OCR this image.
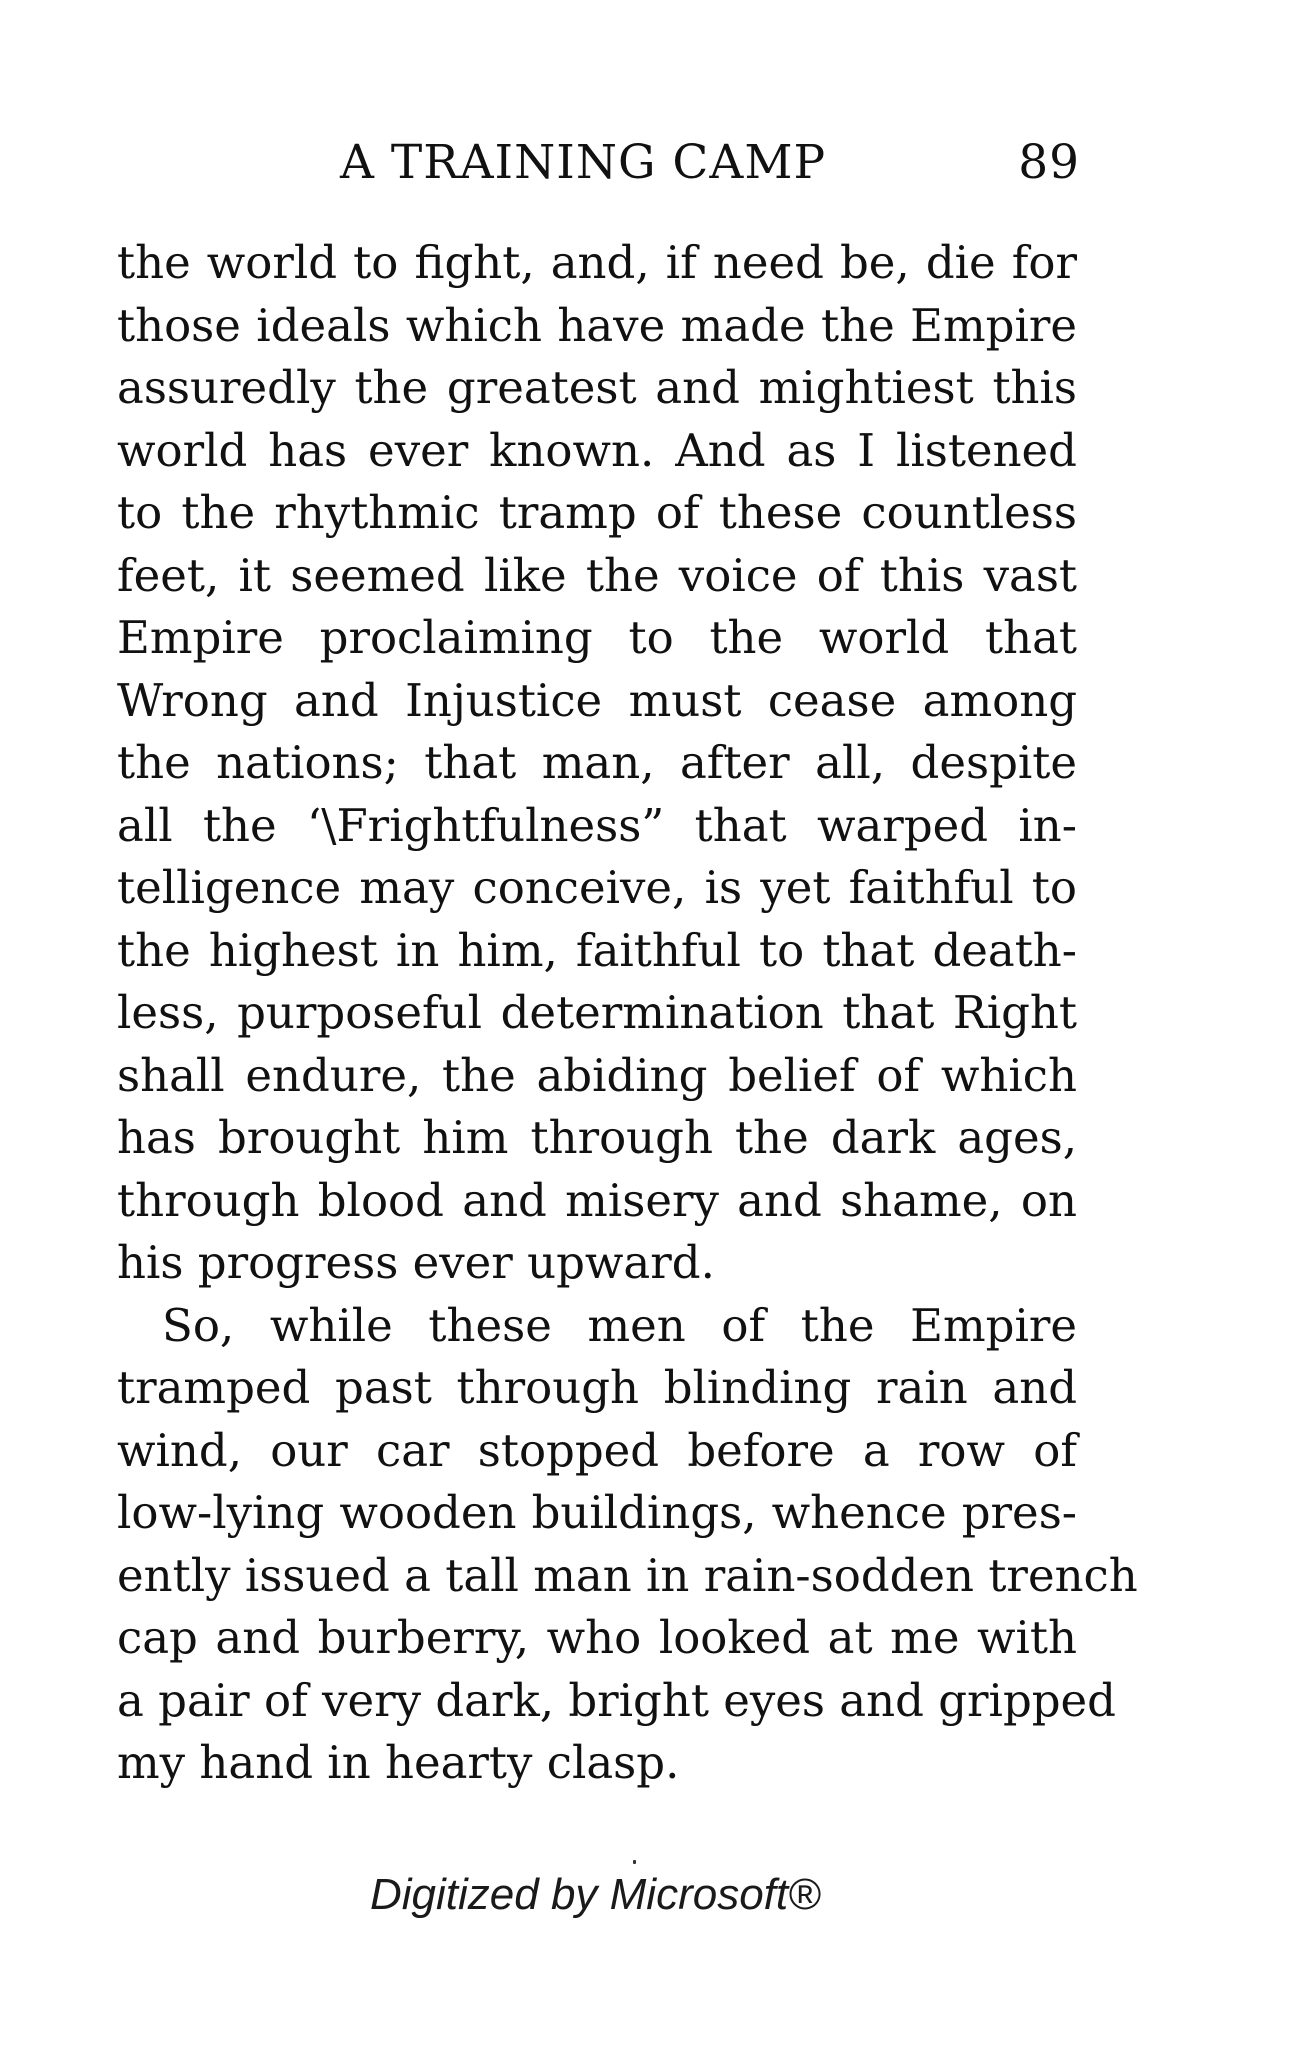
A TRAINING CAMP	89
the world to fight, and, if need be, die for
those ideals which have made the Empire
assuredly the greatest and mightiest this
world has ever known. And as I listened
to the rhythmic tramp of these countless
feet, it seemed like the voice of this vast
Empire proclaiming to the world that
Wrong and Injustice must cease among
the nations; that man, after all, despite
all the ‘\Frightfulness” that warped in-
telligence may conceive, is yet faithful to
the highest in him, faithful to that death-
less, purposeful determination that Right
shall endure, the abiding belief of which
has brought him through the dark ages,
through blood and misery and shame, on
his progress ever upward.
So, while these men of the Empire
tramped past through blinding rain and
wind, our car stopped before a row of
low-lying wooden buildings, whence pres-
ently issued a tall man in rain-sodden trench
cap and burberry, who looked at me with
a pair of very dark, bright eyes and gripped
my hand in hearty clasp.
Digitized by Microsoft®
